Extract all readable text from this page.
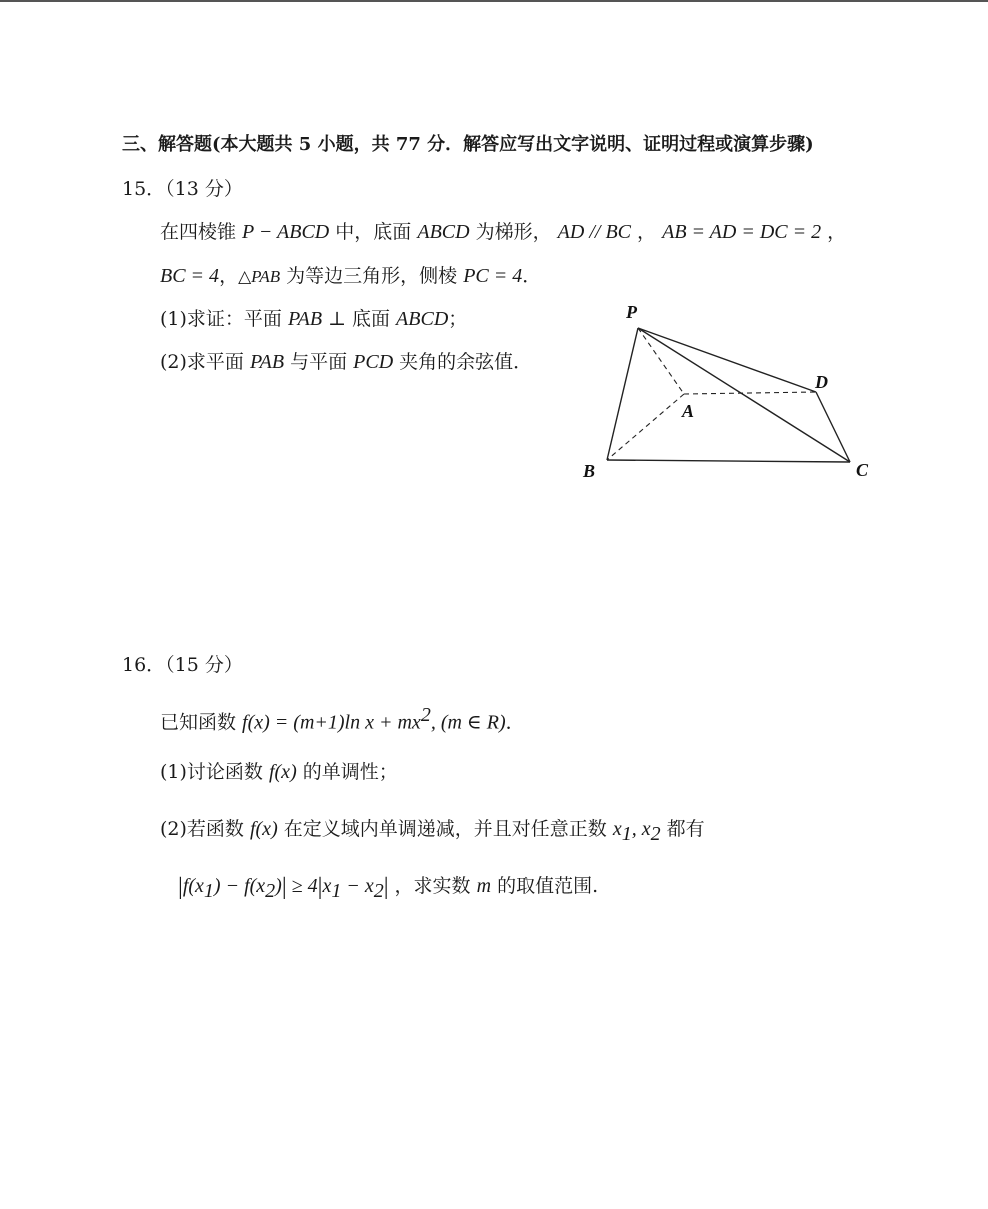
三、解答题(本大题共 5 小题，共 77 分．解答应写出文字说明、证明过程或演算步骤)
15．（13 分）
在四棱锥 P − ABCD 中，底面 ABCD 为梯形， AD // BC ， AB = AD = DC = 2 ，
BC = 4，△PAB 为等边三角形，侧棱 PC = 4．
(1)求证：平面 PAB ⊥ 底面 ABCD；
(2)求平面 PAB 与平面 PCD 夹角的余弦值．
P
A
B	C
D
16．（15 分）
已知函数 f(x) = (m+1)ln $x + mx^2$, (m ∈ R)．
(1)讨论函数 f(x) 的单调性；
(2)若函数 f(x) 在定义域内单调递减，并且对任意正数 $x_1$, $x_2$ 都有
$|f(x_1) - f(x_2)| \ge 4|x_1 - x_2|$ ，求实数 m 的取值范围.
